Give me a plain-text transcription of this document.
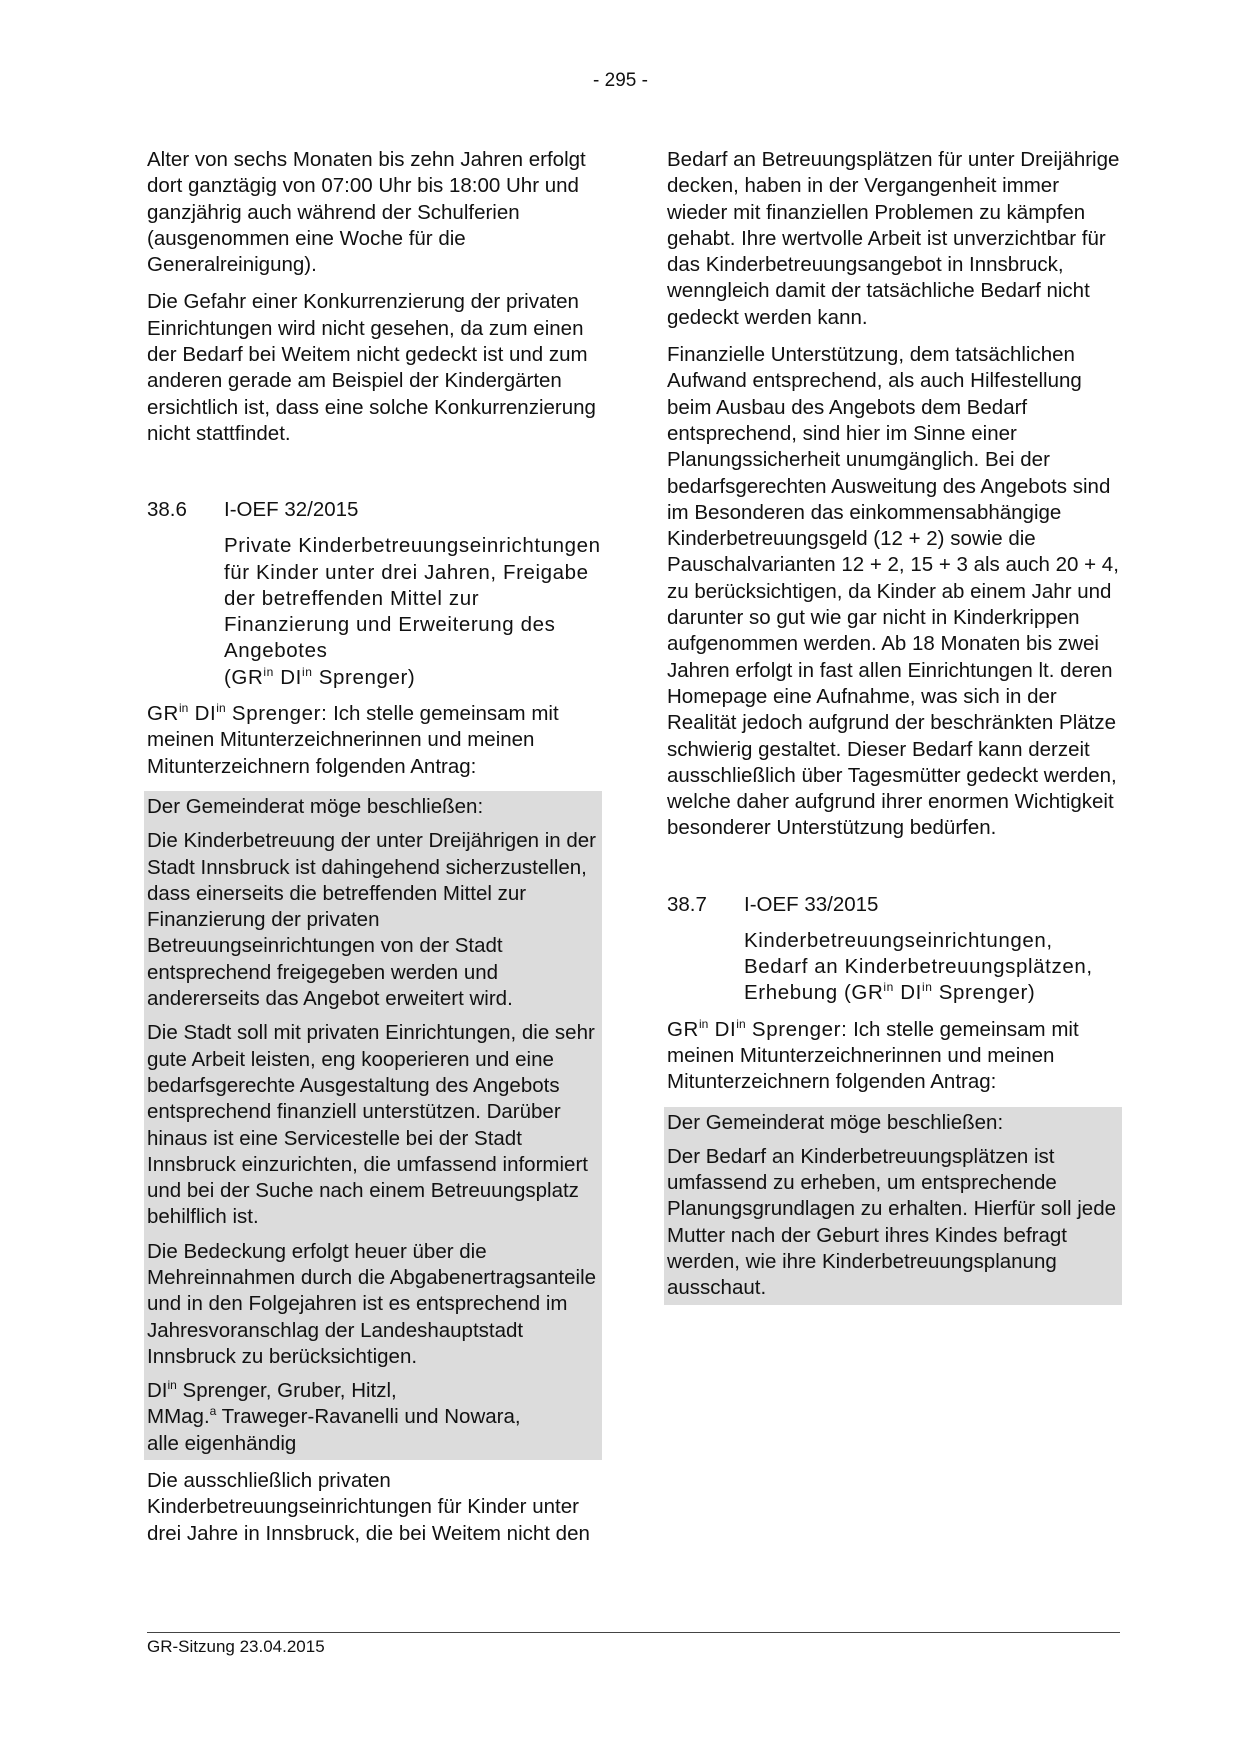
- 295 -

Alter von sechs Monaten bis zehn Jahren erfolgt dort ganztägig von 07:00 Uhr bis 18:00 Uhr und ganzjährig auch während der Schulferien (ausgenommen eine Woche für die Generalreinigung).

Die Gefahr einer Konkurrenzierung der privaten Einrichtungen wird nicht gesehen, da zum einen der Bedarf bei Weitem nicht gedeckt ist und zum anderen gerade am Beispiel der Kindergärten ersichtlich ist, dass eine solche Konkurrenzierung nicht stattfindet.

38.6	I-OEF 32/2015
Private Kinderbetreuungseinrichtungen für Kinder unter drei Jahren, Freigabe der betreffenden Mittel zur Finanzierung und Erweiterung des Angebotes
($GR^{in}$ $DI^{in}$ Sprenger)

$GR^{in}$ $DI^{in}$ Sprenger: Ich stelle gemeinsam mit meinen Mitunterzeichnerinnen und meinen Mitunterzeichnern folgenden Antrag:

Der Gemeinderat möge beschließen:

Die Kinderbetreuung der unter Dreijährigen in der Stadt Innsbruck ist dahingehend sicherzustellen, dass einerseits die betreffenden Mittel zur Finanzierung der privaten Betreuungseinrichtungen von der Stadt entsprechend freigegeben werden und andererseits das Angebot erweitert wird.

Die Stadt soll mit privaten Einrichtungen, die sehr gute Arbeit leisten, eng kooperieren und eine bedarfsgerechte Ausgestaltung des Angebots entsprechend finanziell unterstützen. Darüber hinaus ist eine Servicestelle bei der Stadt Innsbruck einzurichten, die umfassend informiert und bei der Suche nach einem Betreuungsplatz behilflich ist.

Die Bedeckung erfolgt heuer über die Mehreinnahmen durch die Abgabenertragsanteile und in den Folgejahren ist es entsprechend im Jahresvoranschlag der Landeshauptstadt Innsbruck zu berücksichtigen.

$DI^{in}$ Sprenger, Gruber, Hitzl,
MMag.$^a$ Traweger-Ravanelli und Nowara,
alle eigenhändig

Die ausschließlich privaten Kinderbetreuungseinrichtungen für Kinder unter drei Jahre in Innsbruck, die bei Weitem nicht den

Bedarf an Betreuungsplätzen für unter Dreijährige decken, haben in der Vergangenheit immer wieder mit finanziellen Problemen zu kämpfen gehabt. Ihre wertvolle Arbeit ist unverzichtbar für das Kinderbetreuungsangebot in Innsbruck, wenngleich damit der tatsächliche Bedarf nicht gedeckt werden kann.

Finanzielle Unterstützung, dem tatsächlichen Aufwand entsprechend, als auch Hilfestellung beim Ausbau des Angebots dem Bedarf entsprechend, sind hier im Sinne einer Planungssicherheit unumgänglich. Bei der bedarfsgerechten Ausweitung des Angebots sind im Besonderen das einkommensabhängige Kinderbetreuungsgeld (12 + 2) sowie die Pauschalvarianten 12 + 2, 15 + 3 als auch 20 + 4, zu berücksichtigen, da Kinder ab einem Jahr und darunter so gut wie gar nicht in Kinderkrippen aufgenommen werden. Ab 18 Monaten bis zwei Jahren erfolgt in fast allen Einrichtungen lt. deren Homepage eine Aufnahme, was sich in der Realität jedoch aufgrund der beschränkten Plätze schwierig gestaltet. Dieser Bedarf kann derzeit ausschließlich über Tagesmütter gedeckt werden, welche daher aufgrund ihrer enormen Wichtigkeit besonderer Unterstützung bedürfen.

38.7	I-OEF 33/2015
Kinderbetreuungseinrichtungen, Bedarf an Kinderbetreuungsplätzen, Erhebung ($GR^{in}$ $DI^{in}$ Sprenger)

$GR^{in}$ $DI^{in}$ Sprenger: Ich stelle gemeinsam mit meinen Mitunterzeichnerinnen und meinen Mitunterzeichnern folgenden Antrag:

Der Gemeinderat möge beschließen:

Der Bedarf an Kinderbetreuungsplätzen ist umfassend zu erheben, um entsprechende Planungsgrundlagen zu erhalten. Hierfür soll jede Mutter nach der Geburt ihres Kindes befragt werden, wie ihre Kinderbetreuungsplanung ausschaut.

GR-Sitzung 23.04.2015
